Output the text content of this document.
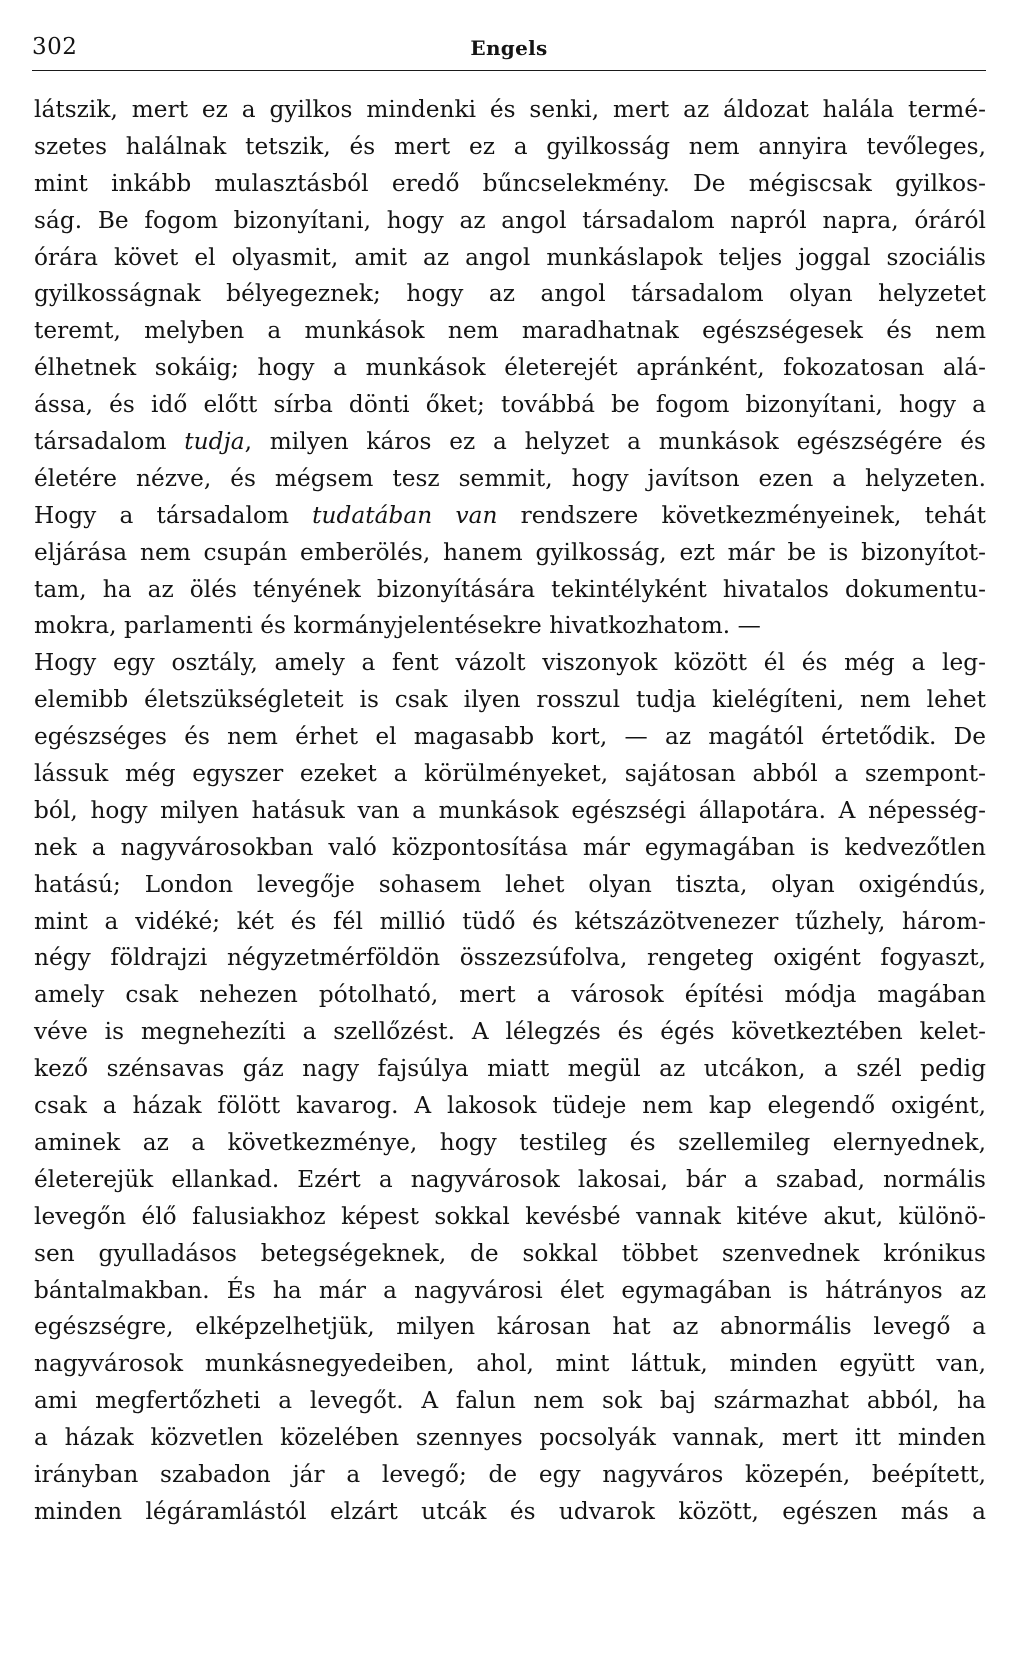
302	Engels
látszik, mert ez a gyilkos mindenki és senki, mert az áldozat halála termé-
szetes halálnak tetszik, és mert ez a gyilkosság nem annyira tevőleges,
mint inkább mulasztásból eredő bűncselekmény. De mégiscsak gyilkos-
ság. Be fogom bizonyítani, hogy az angol társadalom napról napra, óráról
órára követ el olyasmit, amit az angol munkáslapok teljes joggal szociális
gyilkosságnak bélyegeznek; hogy az angol társadalom olyan helyzetet
teremt, melyben a munkások nem maradhatnak egészségesek és nem
élhetnek sokáig; hogy a munkások életerejét apránként, fokozatosan alá-
ássa, és idő előtt sírba dönti őket; továbbá be fogom bizonyítani, hogy a
társadalom tudja, milyen káros ez a helyzet a munkások egészségére és
életére nézve, és mégsem tesz semmit, hogy javítson ezen a helyzeten.
Hogy a társadalom tudatában van rendszere következményeinek, tehát
eljárása nem csupán emberölés, hanem gyilkosság, ezt már be is bizonyítot-
tam, ha az ölés tényének bizonyítására tekintélyként hivatalos dokumentu-
mokra, parlamenti és kormányjelentésekre hivatkozhatom. —
Hogy egy osztály, amely a fent vázolt viszonyok között él és még a leg-
elemibb életszükségleteit is csak ilyen rosszul tudja kielégíteni, nem lehet
egészséges és nem érhet el magasabb kort, — az magától értetődik. De
lássuk még egyszer ezeket a körülményeket, sajátosan abból a szempont-
ból, hogy milyen hatásuk van a munkások egészségi állapotára. A népesség-
nek a nagyvárosokban való központosítása már egymagában is kedvezőtlen
hatású; London levegője sohasem lehet olyan tiszta, olyan oxigéndús,
mint a vidéké; két és fél millió tüdő és kétszázötvenezer tűzhely, három-
négy földrajzi négyzetmérföldön összezsúfolva, rengeteg oxigént fogyaszt,
amely csak nehezen pótolható, mert a városok építési módja magában
véve is megnehezíti a szellőzést. A lélegzés és égés következtében kelet-
kező szénsavas gáz nagy fajsúlya miatt megül az utcákon, a szél pedig
csak a házak fölött kavarog. A lakosok tüdeje nem kap elegendő oxigént,
aminek az a következménye, hogy testileg és szellemileg elernyednek,
életerejük ellankad. Ezért a nagyvárosok lakosai, bár a szabad, normális
levegőn élő falusiakhoz képest sokkal kevésbé vannak kitéve akut, különö-
sen gyulladásos betegségeknek, de sokkal többet szenvednek krónikus
bántalmakban. És ha már a nagyvárosi élet egymagában is hátrányos az
egészségre, elképzelhetjük, milyen károsan hat az abnormális levegő a
nagyvárosok munkásnegyedeiben, ahol, mint láttuk, minden együtt van,
ami megfertőzheti a levegőt. A falun nem sok baj származhat abból, ha
a házak közvetlen közelében szennyes pocsolyák vannak, mert itt minden
irányban szabadon jár a levegő; de egy nagyváros közepén, beépített,
minden légáramlástól elzárt utcák és udvarok között, egészen más a
